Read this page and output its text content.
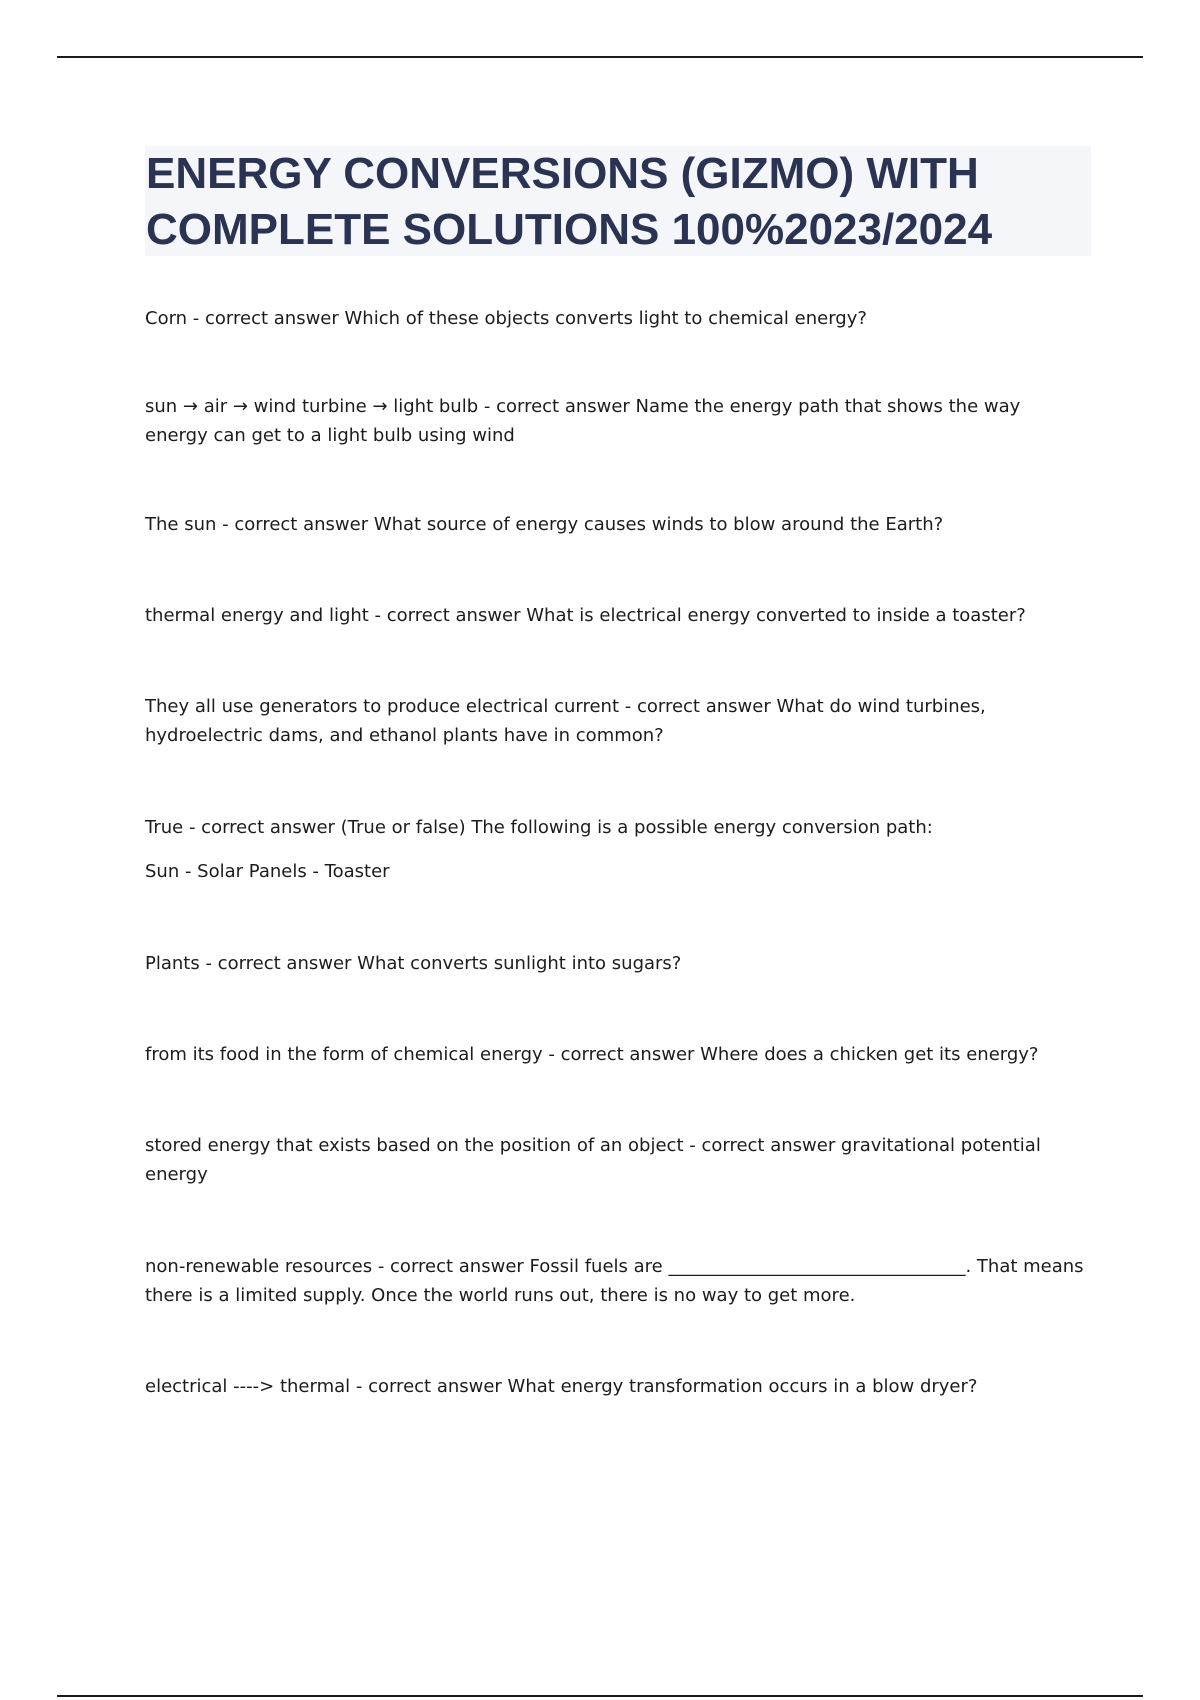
ENERGY CONVERSIONS (GIZMO) WITH
COMPLETE SOLUTIONS 100%2023/2024

Corn - correct answer Which of these objects converts light to chemical energy?

sun → air → wind turbine → light bulb - correct answer Name the energy path that shows the way energy can get to a light bulb using wind

The sun - correct answer What source of energy causes winds to blow around the Earth?

thermal energy and light - correct answer What is electrical energy converted to inside a toaster?

They all use generators to produce electrical current - correct answer What do wind turbines, hydroelectric dams, and ethanol plants have in common?

True - correct answer (True or false) The following is a possible energy conversion path:
Sun - Solar Panels - Toaster

Plants - correct answer What converts sunlight into sugars?

from its food in the form of chemical energy - correct answer Where does a chicken get its energy?

stored energy that exists based on the position of an object - correct answer gravitational potential energy

non-renewable resources - correct answer Fossil fuels are _________________________________. That means there is a limited supply. Once the world runs out, there is no way to get more.

electrical ----> thermal - correct answer What energy transformation occurs in a blow dryer?
